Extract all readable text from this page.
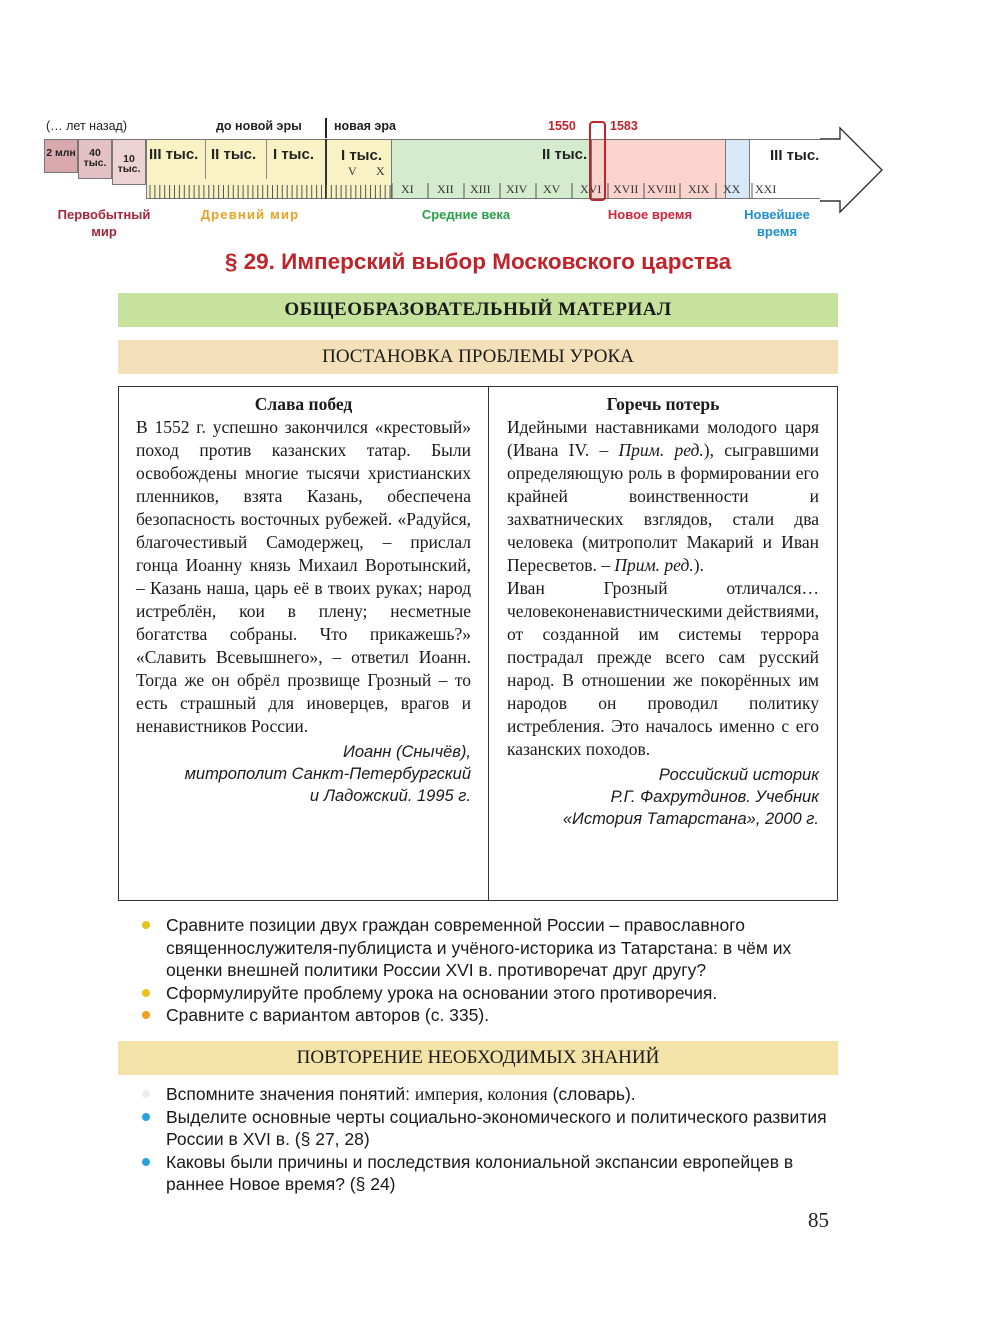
(… лет назад)	до новой эры	новая эра	1550	1583
2 млн	40 тыс.	10 тыс.
III тыс. II тыс. I тыс. I тыс.	II тыс.	III тыс.
V X
XI XII XIII XIV XV XVI XVII XVIII XIX XX XXI
Первобытный мир
Древний мир	Средние века	Новое время	Новейшее время
§ 29. Имперский выбор Московского царства
ОБЩЕОБРАЗОВАТЕЛЬНЫЙ МАТЕРИАЛ
ПОСТАНОВКА ПРОБЛЕМЫ УРОКА
Слава побед

В 1552 г. успешно закончился «крестовый» поход против казанских татар. Были освобождены многие тысячи христианских пленников, взята Казань, обеспечена безопасность восточных рубежей. «Радуйся, благочестивый Самодержец, – прислал гонца Иоанну князь Михаил Воротынский, – Казань наша, царь её в твоих руках; народ истреблён, кои в плену; несметные богатства собраны. Что прикажешь?» «Славить Всевышнего», – ответил Иоанн. Тогда же он обрёл прозвище Грозный – то есть страшный для иноверцев, врагов и ненавистников России.

Иоанн (Снычёв),
митрополит Санкт-Петербургский
и Ладожский. 1995 г.
Горечь потерь

Идейными наставниками молодого царя (Ивана IV. – Прим. ред.), сыгравшими определяющую роль в формировании его крайней воинственности и захватнических взглядов, стали два человека (митрополит Макарий и Иван Пересветов. – Прим. ред.).

Иван Грозный отличался… человеконенавистническими действиями, от созданной им системы террора пострадал прежде всего сам русский народ. В отношении же покорённых им народов он проводил политику истребления. Это началось именно с его казанских походов.

Российский историк
Р.Г. Фахрутдинов. Учебник
«История Татарстана», 2000 г.
Сравните позиции двух граждан современной России – православного священнослужителя-публициста и учёного-историка из Татарстана: в чём их оценки внешней политики России XVI в. противоречат друг другу?
Сформулируйте проблему урока на основании этого противоречия.
Сравните с вариантом авторов (с. 335).
ПОВТОРЕНИЕ НЕОБХОДИМЫХ ЗНАНИЙ
Вспомните значения понятий: империя, колония (словарь).
Выделите основные черты социально-экономического и политического развития России в XVI в. (§ 27, 28)
Каковы были причины и последствия колониальной экспансии европейцев в раннее Новое время? (§ 24)
85
